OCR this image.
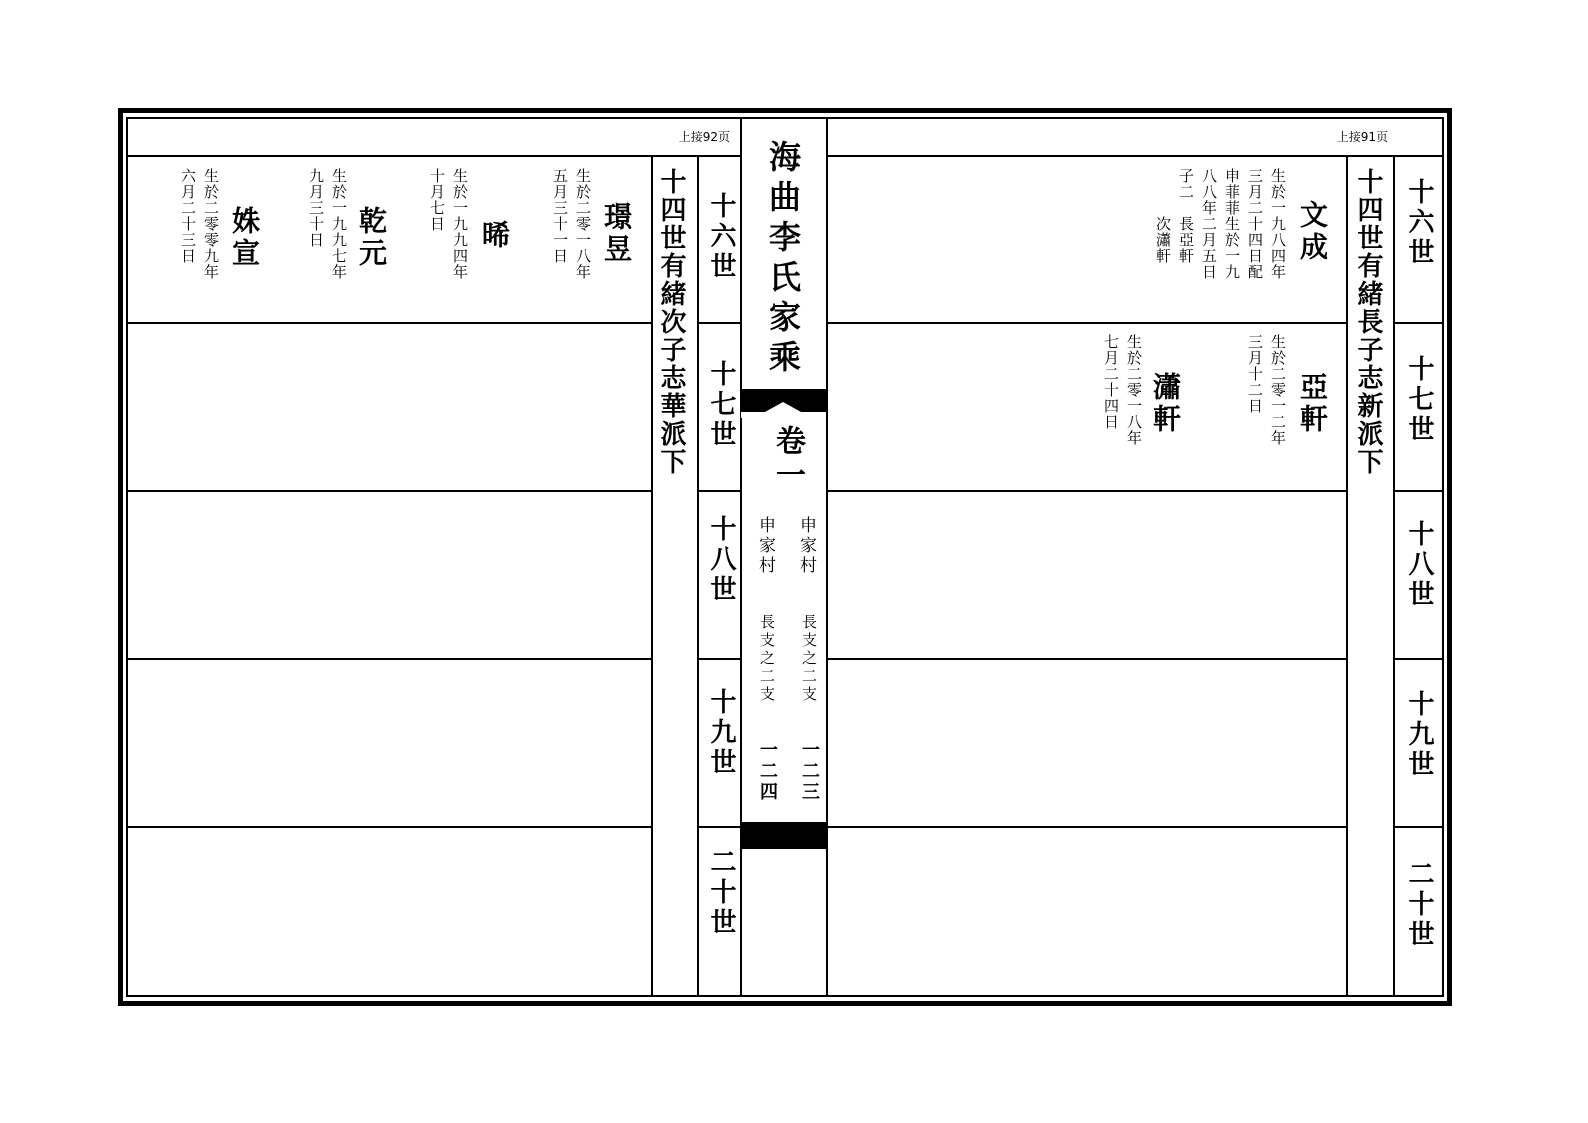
上接92页	上接91页
十四世有緒次子志華派下 十六世
十七世
十八世
十九世
二十世
璟昱
生於二零一八年
五月三十一日
晞
生於一九九四年
十月七日
乾元
生於一九九七年
九月三十日
姝宣
生於二零零九年
六月二十三日	海曲李氏家乘
卷一
申家村
申家村
長支之二支
長支之二支
一二三
一二四
十四世有緒長子志新派下 十六世
十七世
十八世
十九世
二十世
文成
生於一九八四年
三月二十四日配
申菲菲生於一九
八八年二月五日
子二　長亞軒
　　　次瀟軒
亞軒
生於二零一二年
三月十二日
瀟軒
生於二零一八年
七月二十四日
